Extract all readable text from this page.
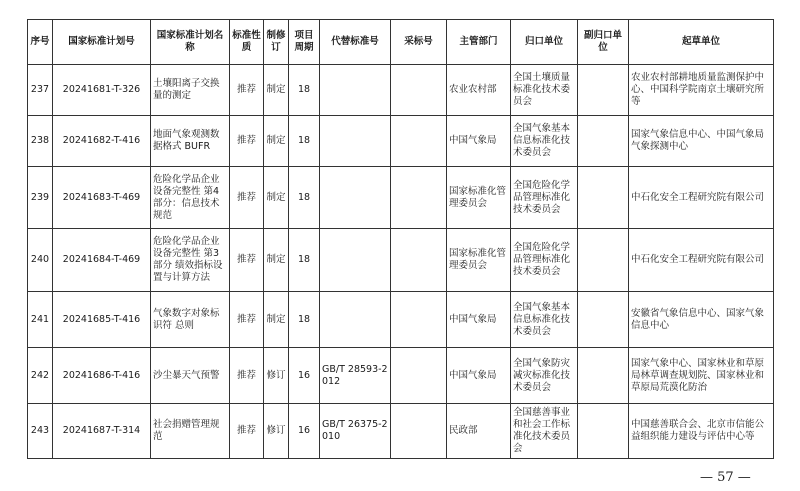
序号	国家标准计划号	国家标准计划名称	标准性质	制修订	项目周期	代替标准号	采标号	主管部门	归口单位	副归口单位	起草单位
237	20241681-T-326	土壤阳离子交换量的测定	推荐	制定	18			农业农村部	全国土壤质量标准化技术委员会		农业农村部耕地质量监测保护中心、中国科学院南京土壤研究所等
238	20241682-T-416	地面气象观测数据格式 BUFR	推荐	制定	18			中国气象局	全国气象基本信息标准化技术委员会		国家气象信息中心、中国气象局气象探测中心
239	20241683-T-469	危险化学品企业设备完整性 第4部分：信息技术规范	推荐	制定	18			国家标准化管理委员会	全国危险化学品管理标准化技术委员会		中石化安全工程研究院有限公司
240	20241684-T-469	危险化学品企业设备完整性 第3部分 绩效指标设置与计算方法	推荐	制定	18			国家标准化管理委员会	全国危险化学品管理标准化技术委员会		中石化安全工程研究院有限公司
241	20241685-T-416	气象数字对象标识符 总则	推荐	制定	18			中国气象局	全国气象基本信息标准化技术委员会		安徽省气象信息中心、国家气象信息中心
242	20241686-T-416	沙尘暴天气预警	推荐	修订	16	GB/T 28593-2012		中国气象局	全国气象防灾减灾标准化技术委员会		国家气象中心、国家林业和草原局林草调查规划院、国家林业和草原局荒漠化防治
243	20241687-T-314	社会捐赠管理规范	推荐	修订	16	GB/T 26375-2010		民政部	全国慈善事业和社会工作标准化技术委员会		中国慈善联合会、北京市信能公益组织能力建设与评估中心等
— 57 —
